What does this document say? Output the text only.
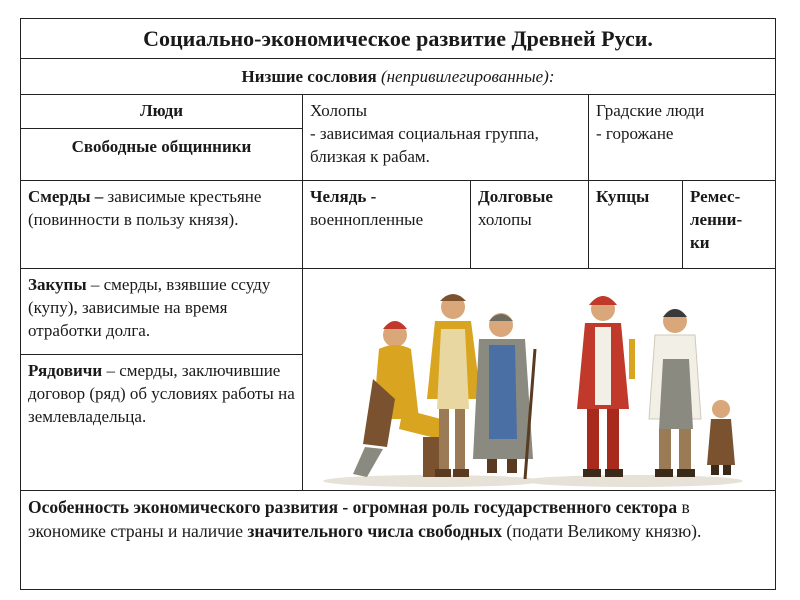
Социально-экономическое развитие Древней Руси.
Низшие сословия
(непривилегированные):
Люди
Свободные общинники
Холопы
- зависимая социальная группа, близкая к рабам.
Градские люди
- горожане
Смерды – зависимые крестьяне (повинности в пользу князя).
Челядь -
военнопленные
Долговые
холопы
Купцы	Ремес-
ленни-
ки
Закупы – смерды, взявшие ссуду (купу), зависимые на время отработки долга.
Рядовичи – смерды, заключившие договор (ряд) об условиях работы на землевладельца.
Особенность экономического развития - огромная роль государственного сектора в экономике страны и наличие значительного числа свободных (подати Великому князю).
